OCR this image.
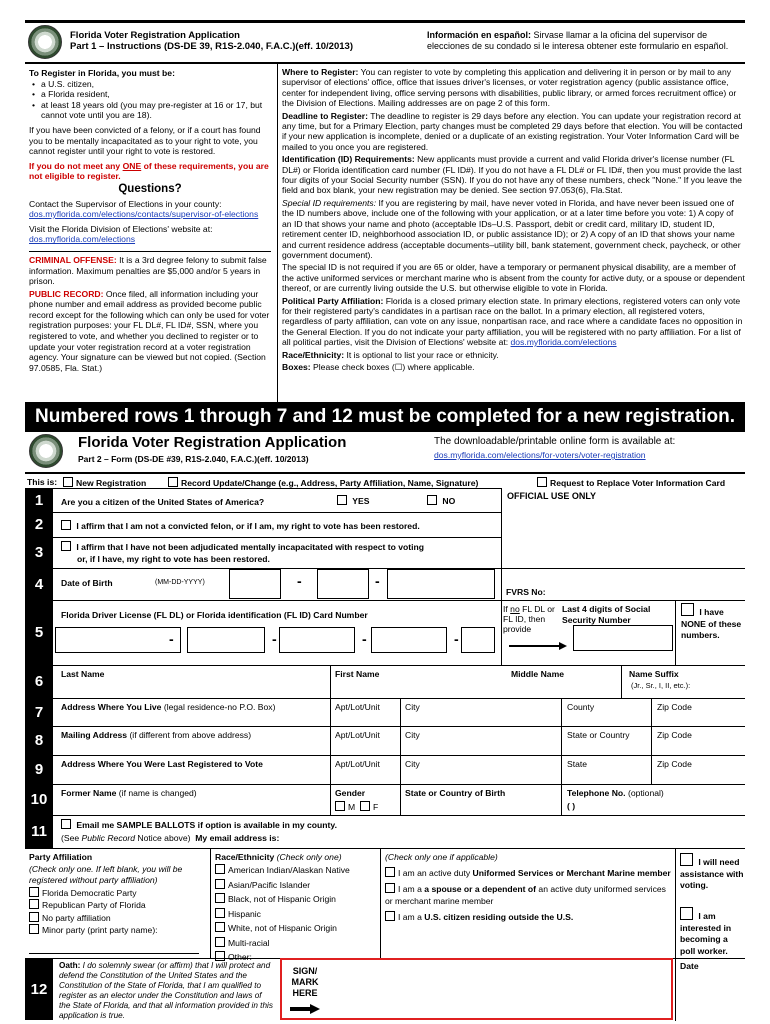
Florida Voter Registration Application
Part 1 – Instructions (DS-DE 39, R1S-2.040, F.A.C.)(eff. 10/2013)
Información en español: Sirvase llamar a la oficina del supervisor de elecciones de su condado si le interesa obtener este formulario en español.
To Register in Florida, you must be:
• a U.S. citizen,
• a Florida resident,
• at least 18 years old (you may pre-register at 16 or 17, but cannot vote until you are 18).
If you have been convicted of a felony, or if a court has found you to be mentally incapacitated as to your right to vote, you cannot register until your right to vote is restored.
If you do not meet any ONE of these requirements, you are not eligible to register.
Questions?
Contact the Supervisor of Elections in your county:
dos.myflorida.com/elections/contacts/supervisor-of-elections
Visit the Florida Division of Elections' website at:
dos.myflorida.com/elections
CRIMINAL OFFENSE: It is a 3rd degree felony to submit false information. Maximum penalties are $5,000 and/or 5 years in prison.
PUBLIC RECORD: Once filed, all information including your phone number and email address as provided become public record except for the following which can only be used for voter registration purposes: your FL DL#, FL ID#, SSN, where you registered to vote, and whether you declined to register or to update your voter registration record at a voter registration agency. Your signature can be viewed but not copied. (Section 97.0585, Fla. Stat.)

Where to Register: You can register to vote by completing this application and delivering it in person or by mail to any supervisor of elections' office, office that issues driver's licenses, or voter registration agency (public assistance office, center for independent living, office serving persons with disabilities, public library, or armed forces recruitment office) or the Division of Elections. Mailing addresses are on page 2 of this form.

Deadline to Register: The deadline to register is 29 days before any election. You can update your registration record at any time, but for a Primary Election, party changes must be completed 29 days before that election. You will be contacted if your new application is incomplete, denied or a duplicate of an existing registration. Your Voter Information Card will be mailed to you once you are registered.

Identification (ID) Requirements: New applicants must provide a current and valid Florida driver's license number (FL DL#) or Florida identification card number (FL ID#). If you do not have a FL DL# or FL ID#, then you must provide the last four digits of your Social Security number (SSN). If you do not have any of these numbers, check "None." If you leave the field and box blank, your new registration may be denied. See section 97.053(6), Fla.Stat.

Special ID requirements: If you are registering by mail, have never voted in Florida, and have never been issued one of the ID numbers above, include one of the following with your application, or at a later time before you vote: 1) A copy of an ID that shows your name and photo (acceptable IDs–U.S. Passport, debit or credit card, military ID, student ID, retirement center ID, neighborhood association ID, or public assistance ID); or 2) A copy of an ID that shows your name and current residence address (acceptable documents–utility bill, bank statement, government check, paycheck, or other government document).

The special ID is not required if you are 65 or older, have a temporary or permanent physical disability, are a member of the active uniformed services or merchant marine who is absent from the county for active duty, or a spouse or dependent thereof, or are currently living outside the U.S. but otherwise eligible to vote in Florida.

Political Party Affiliation: Florida is a closed primary election state. In primary elections, registered voters can only vote for their registered party's candidates in a partisan race on the ballot. In a primary election, all registered voters, regardless of party affiliation, can vote on any issue, nonpartisan race, and race where a candidate faces no opposition in the General Election. If you do not indicate your party affiliation, you will be registered with no party affiliation. For a list of all political parties, visit the Division of Elections' website at: dos.myflorida.com/elections

Race/Ethnicity: It is optional to list your race or ethnicity.

Boxes: Please check boxes (☐) where applicable.

Numbered rows 1 through 7 and 12 must be completed for a new registration.
Florida Voter Registration Application
Part 2 – Form (DS-DE #39, R1S-2.040, F.A.C.)(eff. 10/2013)
The downloadable/printable online form is available at:
dos.myflorida.com/elections/for-voters/voter-registration
This is:	New Registration	Record Update/Change (e.g., Address, Party Affiliation, Name, Signature)	Request to Replace Voter Information Card
OFFICIAL USE ONLY
1	Are you a citizen of the United States of America?	YES	NO
2	I affirm that I am not a convicted felon, or if I am, my right to vote has been restored.
3	I affirm that I have not been adjudicated mentally incapacitated with respect to voting
or, if I have, my right to vote has been restored.
4	Date of Birth	(MM-DD-YYYY)	-	-
FVRS No:
5
Florida Driver License (FL DL) or Florida identification (FL ID) Card Number
-	-	-	-
If no FL DL or FL ID, then provide
Last 4 digits of Social Security Number
I have
NONE of these numbers.
6	Last Name	First Name	Middle Name	Name Suffix
(Jr., Sr., I, II, etc.):
7	Address Where You Live (legal residence-no P.O. Box)	Apt/Lot/Unit	City	County	Zip Code
8	Mailing Address (if different from above address)	Apt/Lot/Unit	City	State or Country	Zip Code
9	Address Where You Were Last Registered to Vote	Apt/Lot/Unit	City	State	Zip Code
10	Former Name (if name is changed)	Gender
M F
State or Country of Birth	Telephone No. (optional)
( )
11	Email me SAMPLE BALLOTS if option is available in my county.
(See Public Record Notice above) My email address is:
Party Affiliation
(Check only one. If left blank, you will be registered without party affiliation)
Florida Democratic Party
Republican Party of Florida
No party affiliation
Minor party (print party name):
Race/Ethnicity (Check only one)
American Indian/Alaskan Native
Asian/Pacific Islander
Black, not of Hispanic Origin
Hispanic
White, not of Hispanic Origin
Multi-racial
Other:
(Check only one if applicable)
I am an active duty Uniformed Services or Merchant Marine member
I am a a spouse or a dependent of an active duty uniformed services or merchant marine member
I am a U.S. citizen residing outside the U.S.
I will need assistance with voting.
I am interested in becoming a poll worker.
12
Oath: I do solemnly swear (or affirm) that I will protect and defend the Constitution of the United States and the Constitution of the State of Florida, that I am qualified to register as an elector under the Constitution and laws of the State of Florida, and that all information provided in this application is true.
Date
SIGN/ MARK HERE
